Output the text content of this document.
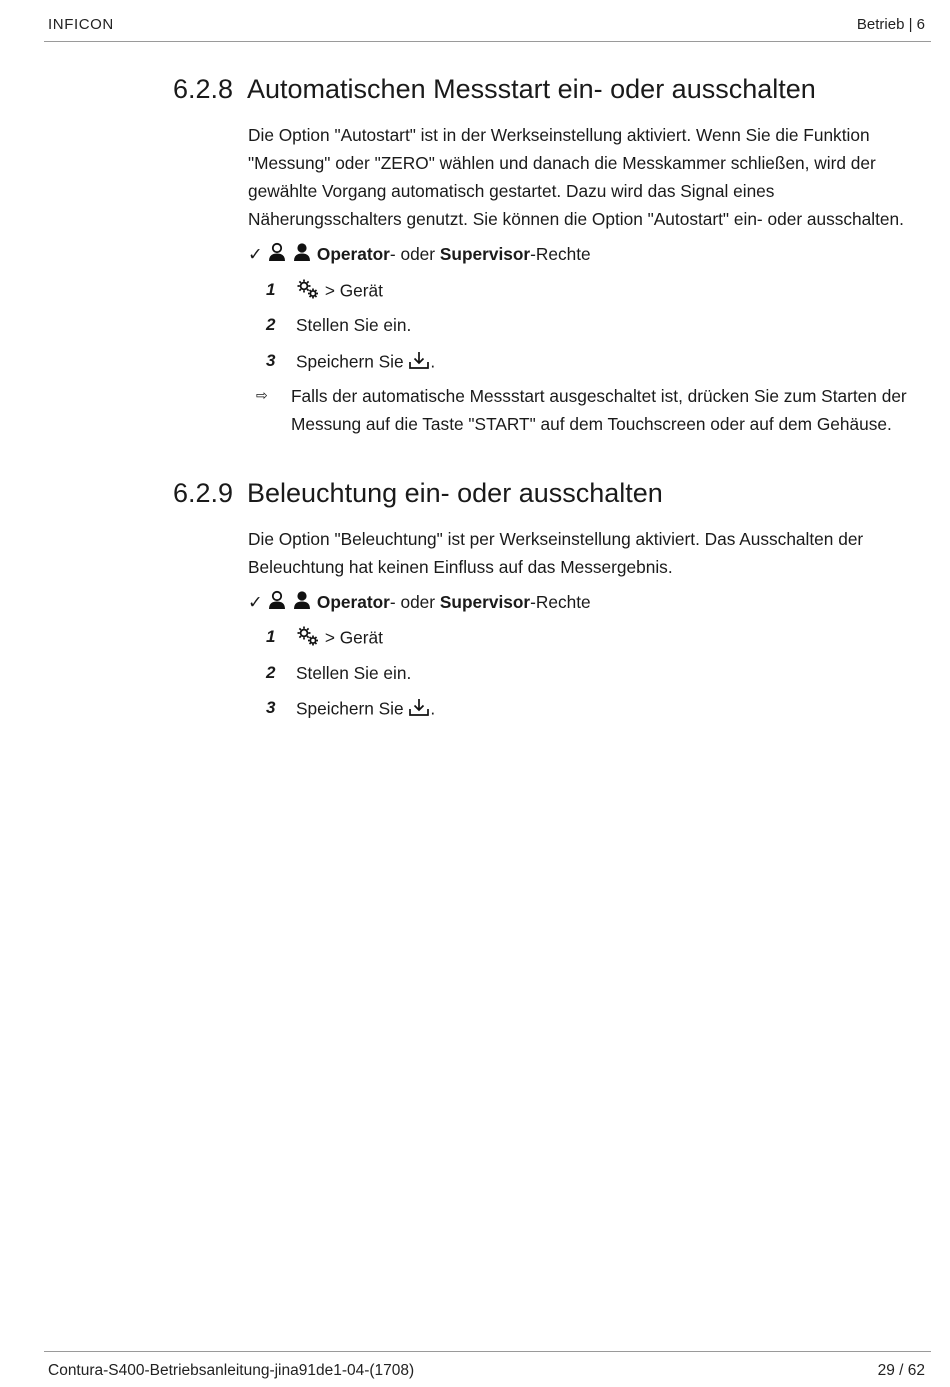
INFICON	Betrieb | 6
6.2.8 Automatischen Messstart ein- oder ausschalten
Die Option "Autostart" ist in der Werkseinstellung aktiviert. Wenn Sie die Funktion "Messung" oder "ZERO" wählen und danach die Messkammer schließen, wird der gewählte Vorgang automatisch gestartet. Dazu wird das Signal eines Näherungsschalters genutzt. Sie können die Option "Autostart" ein- oder ausschalten.
✓	Operator- oder Supervisor-Rechte
1	> Gerät
2 Stellen Sie ein.
3 Speichern Sie .
⇨ Falls der automatische Messstart ausgeschaltet ist, drücken Sie zum Starten der Messung auf die Taste "START" auf dem Touchscreen oder auf dem Gehäuse.
6.2.9 Beleuchtung ein- oder ausschalten
Die Option "Beleuchtung" ist per Werkseinstellung aktiviert. Das Ausschalten der Beleuchtung hat keinen Einfluss auf das Messergebnis.
✓	Operator- oder Supervisor-Rechte
1	> Gerät
2 Stellen Sie ein.
3 Speichern Sie .
Contura-S400-Betriebsanleitung-jina91de1-04-(1708)	29 / 62
